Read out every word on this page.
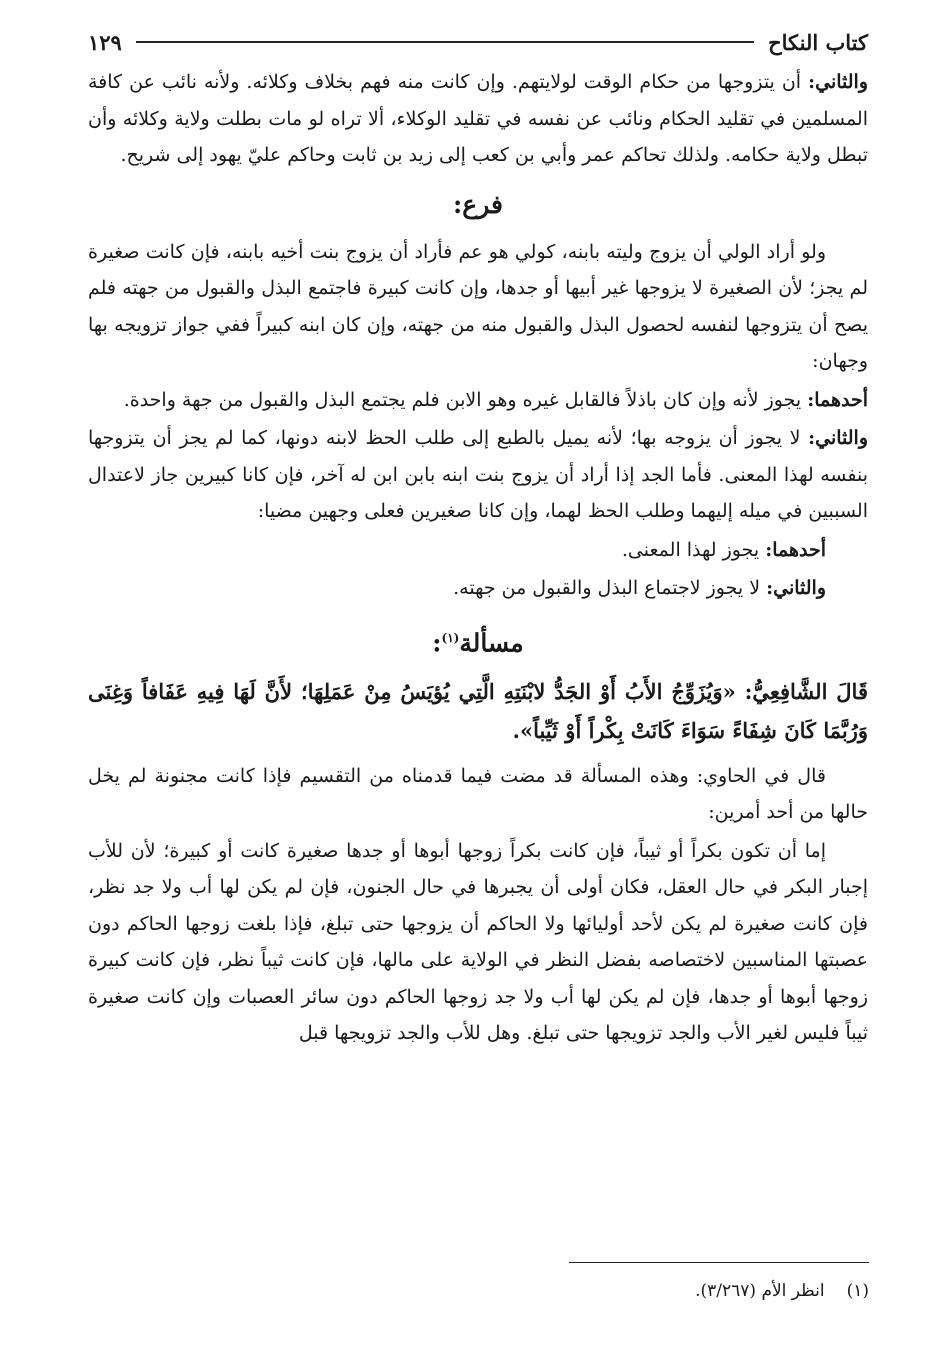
كتاب النكاح
١٢٩

والثاني: أن يتزوجها من حكام الوقت لولايتهم. وإن كانت منه فهم بخلاف وكلائه. ولأنه نائب عن كافة المسلمين في تقليد الحكام ونائب عن نفسه في تقليد الوكلاء، ألا تراه لو مات بطلت ولاية وكلائه وأن تبطل ولاية حكامه. ولذلك تحاكم عمر وأبي بن كعب إلى زيد بن ثابت وحاكم عليّ يهود إلى شريح.

فرع:

ولو أراد الولي أن يزوج وليته بابنه، كولي هو عم فأراد أن يزوج بنت أخيه بابنه، فإن كانت صغيرة لم يجز؛ لأن الصغيرة لا يزوجها غير أبيها أو جدها، وإن كانت كبيرة فاجتمع البذل والقبول من جهته فلم يصح أن يتزوجها لنفسه لحصول البذل والقبول منه من جهته، وإن كان ابنه كبيراً ففي جواز تزويجه بها وجهان:

أحدهما: يجوز لأنه وإن كان باذلاً فالقابل غيره وهو الابن فلم يجتمع البذل والقبول من جهة واحدة.

والثاني: لا يجوز أن يزوجه بها؛ لأنه يميل بالطبع إلى طلب الحظ لابنه دونها، كما لم يجز أن يتزوجها بنفسه لهذا المعنى. فأما الجد إذا أراد أن يزوج بنت ابنه بابن ابن له آخر، فإن كانا كبيرين جاز لاعتدال السببين في ميله إليهما وطلب الحظ لهما، وإن كانا صغيرين فعلى وجهين مضيا:

أحدهما: يجوز لهذا المعنى.

والثاني: لا يجوز لاجتماع البذل والقبول من جهته.

مسألة$^{(١)}$:

قَالَ الشَّافِعِيُّ: «وَيُزَوِّجُ الأَبُ أَوْ الجَدُّ لابْنَتِهِ الَّتِي يُؤيَسُ مِنْ عَمَلِهَا؛ لأَنَّ لَهَا فِيهِ عَفَافاً وَغِنَى وَرُبَّمَا كَانَ شِفَاءً سَوَاءَ كَانَتْ بِكْراً أَوْ ثَيِّباً».

قال في الحاوي: وهذه المسألة قد مضت فيما قدمناه من التقسيم فإذا كانت مجنونة لم يخل حالها من أحد أمرين:

إما أن تكون بكراً أو ثيباً، فإن كانت بكراً زوجها أبوها أو جدها صغيرة كانت أو كبيرة؛ لأن للأب إجبار البكر في حال العقل، فكان أولى أن يجبرها في حال الجنون، فإن لم يكن لها أب ولا جد نظر، فإن كانت صغيرة لم يكن لأحد أوليائها ولا الحاكم أن يزوجها حتى تبلغ، فإذا بلغت زوجها الحاكم دون عصبتها المناسبين لاختصاصه بفضل النظر في الولاية على مالها، فإن كانت ثيباً نظر، فإن كانت كبيرة زوجها أبوها أو جدها، فإن لم يكن لها أب ولا جد زوجها الحاكم دون سائر العصبات وإن كانت صغيرة ثيباً فليس لغير الأب والجد تزويجها حتى تبلغ. وهل للأب والجد تزويجها قبل

(١)انظر الأم (٣/٢٦٧).
